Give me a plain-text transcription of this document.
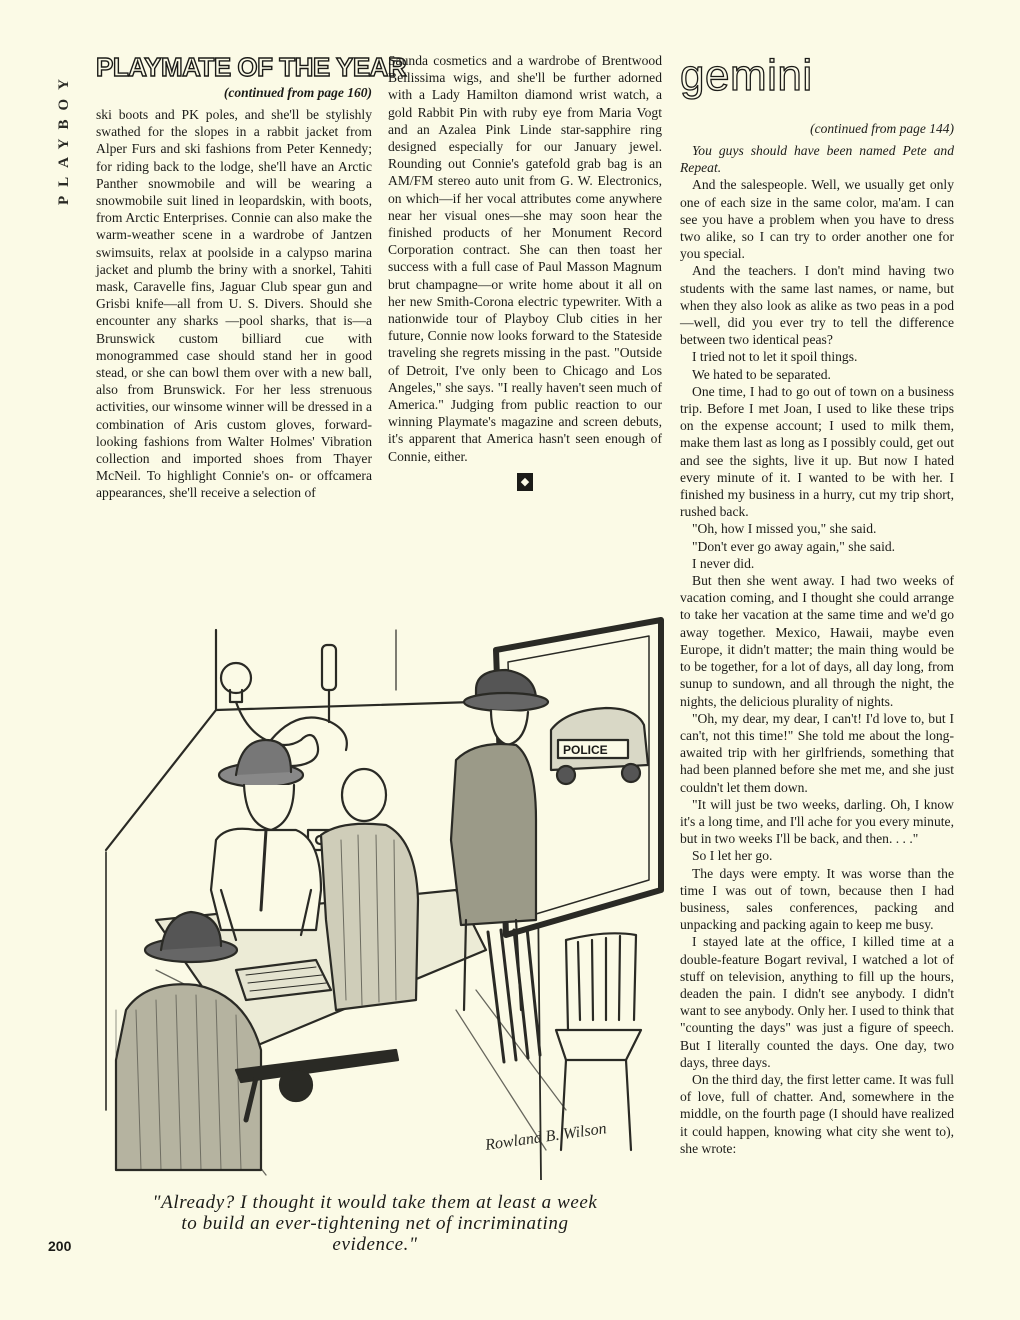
PLAYBOY
PLAYMATE OF THE YEAR
(continued from page 160)

ski boots and PK poles, and she'll be stylishly swathed for the slopes in a rabbit jacket from Alper Furs and ski fashions from Peter Kennedy; for riding back to the lodge, she'll have an Arctic Panther snowmobile and will be wearing a snowmobile suit lined in leopardskin, with boots, from Arctic Enterprises. Connie can also make the warm-weather scene in a wardrobe of Jantzen swimsuits, relax at poolside in a calypso marina jacket and plumb the briny with a snorkel, Tahiti mask, Caravelle fins, Jaguar Club spear gun and Grisbi knife—all from U. S. Divers. Should she encounter any sharks —pool sharks, that is—a Brunswick custom billiard cue with monogrammed case should stand her in good stead, or she can bowl them over with a new ball, also from Brunswick. For her less strenuous activities, our winsome winner will be dressed in a combination of Aris custom gloves, forward-looking fashions from Walter Holmes' Vibration collection and imported shoes from Thayer McNeil. To highlight Connie's on- or offcamera appearances, she'll receive a selection of

Saunda cosmetics and a wardrobe of Brentwood Bellissima wigs, and she'll be further adorned with a Lady Hamilton diamond wrist watch, a gold Rabbit Pin with ruby eye from Maria Vogt and an Azalea Pink Linde star-sapphire ring designed especially for our January jewel. Rounding out Connie's gatefold grab bag is an AM/FM stereo auto unit from G. W. Electronics, on which—if her vocal attributes come anywhere near her visual ones—she may soon hear the finished products of her Monument Record Corporation contract. She can then toast her success with a full case of Paul Masson Magnum brut champagne—or write home about it all on her new Smith-Corona electric typewriter. With a nationwide tour of Playboy Club cities in her future, Connie now looks forward to the Stateside traveling she regrets missing in the past. "Outside of Detroit, I've only been to Chicago and Los Angeles," she says. "I really haven't seen much of America." Judging from public reaction to our winning Playmate's magazine and screen debuts, it's apparent that America hasn't seen enough of Connie, either.

◆
gemini
(continued from page 144)

You guys should have been named Pete and Repeat.

And the salespeople. Well, we usually get only one of each size in the same color, ma'am. I can see you have a problem when you have to dress two alike, so I can try to order another one for you special.

And the teachers. I don't mind having two students with the same last names, or name, but when they also look as alike as two peas in a pod—well, did you ever try to tell the difference between two identical peas?

I tried not to let it spoil things.

We hated to be separated.

One time, I had to go out of town on a business trip. Before I met Joan, I used to like these trips on the expense account; I used to milk them, make them last as long as I possibly could, get out and see the sights, live it up. But now I hated every minute of it. I wanted to be with her. I finished my business in a hurry, cut my trip short, rushed back.

"Oh, how I missed you," she said.

"Don't ever go away again," she said.

I never did.

But then she went away. I had two weeks of vacation coming, and I thought she could arrange to take her vacation at the same time and we'd go away together. Mexico, Hawaii, maybe even Europe, it didn't matter; the main thing would be to be together, for a lot of days, all day long, from sunup to sundown, and all through the night, the nights, the delicious plurality of nights.

"Oh, my dear, my dear, I can't! I'd love to, but I can't, not this time!" She told me about the long-awaited trip with her girlfriends, something that had been planned before she met me, and she just couldn't let them down.

"It will just be two weeks, darling. Oh, I know it's a long time, and I'll ache for you every minute, but in two weeks I'll be back, and then. . . ."

So I let her go.

The days were empty. It was worse than the time I was out of town, because then I had business, sales conferences, packing and unpacking and packing again to keep me busy.

I stayed late at the office, I killed time at a double-feature Bogart revival, I watched a lot of stuff on television, anything to fill up the hours, deaden the pain. I didn't see anybody. I didn't want to see anybody. Only her. I used to think that "counting the days" was just a figure of speech. But I literally counted the days. One day, two days, three days.

On the third day, the first letter came. It was full of love, full of chatter. And, somewhere in the middle, on the fourth page (I should have realized it could happen, knowing what city she went to), she wrote:

POLICE
Rowland B. Wilson
"Already? I thought it would take them at least a week to build an ever-tightening net of incriminating evidence."
200
